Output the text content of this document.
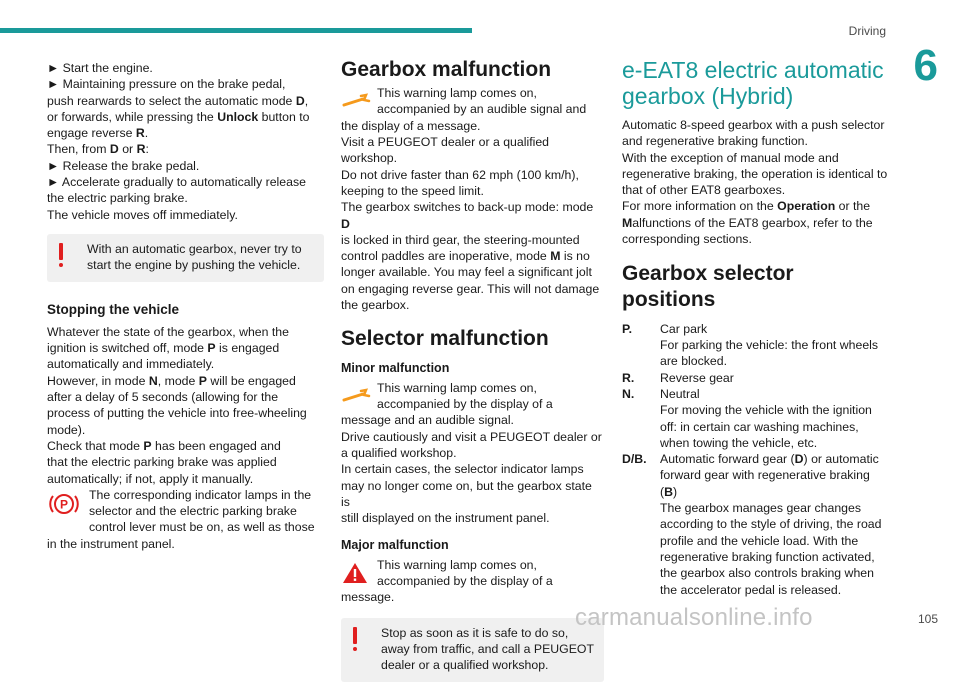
Driving
6

► Start the engine.

► Maintaining pressure on the brake pedal,

push rearwards to select the automatic mode D,

or forwards, while pressing the Unlock button to

engage reverse R.

Then, from D or R:

► Release the brake pedal.

► Accelerate gradually to automatically release

the electric parking brake.

The vehicle moves off immediately.

With an automatic gearbox, never try to start the engine by pushing the vehicle.

Stopping the vehicle

Whatever the state of the gearbox, when the

ignition is switched off, mode P is engaged

automatically and immediately.

However, in mode N, mode P will be engaged

after a delay of 5 seconds (allowing for the

process of putting the vehicle into free-wheeling

mode).

Check that mode P has been engaged and

that the electric parking brake was applied

automatically; if not, apply it manually.

P

The corresponding indicator lamps in the selector and the electric parking brake control lever must be on, as well as those in the instrument panel.

Gearbox malfunction

This warning lamp comes on, accompanied by an audible signal and the display of a message.

Visit a PEUGEOT dealer or a qualified workshop.

Do not drive faster than 62 mph (100 km/h),

keeping to the speed limit.

The gearbox switches to back-up mode: mode D

is locked in third gear, the steering-mounted

control paddles are inoperative, mode M is no

longer available. You may feel a significant jolt

on engaging reverse gear. This will not damage

the gearbox.

Selector malfunction
Minor malfunction

This warning lamp comes on, accompanied by the display of a message and an audible signal.

Drive cautiously and visit a PEUGEOT dealer or

a qualified workshop.

In certain cases, the selector indicator lamps

may no longer come on, but the gearbox state is

still displayed on the instrument panel.

Major malfunction

This warning lamp comes on, accompanied by the display of a message.

Stop as soon as it is safe to do so, away from traffic, and call a PEUGEOT dealer or a qualified workshop.

e-EAT8 electric automatic gearbox (Hybrid)

Automatic 8-speed gearbox with a push selector

and regenerative braking function.

With the exception of manual mode and

regenerative braking, the operation is identical to

that of other EAT8 gearboxes.

For more information on the Operation or the

Malfunctions of the EAT8 gearbox, refer to the

corresponding sections.

Gearbox selector positions
P.	Car park

For parking the vehicle: the front wheels are blocked.

R.	Reverse gear

N.	Neutral

For moving the vehicle with the ignition off: in certain car washing machines, when towing the vehicle, etc.

D/B.	Automatic forward gear (D) or automatic forward gear with regenerative braking (B)

The gearbox manages gear changes according to the style of driving, the road profile and the vehicle load. With the regenerative braking function activated, the gearbox also controls braking when the accelerator pedal is released.

carmanualsonline.info	105
